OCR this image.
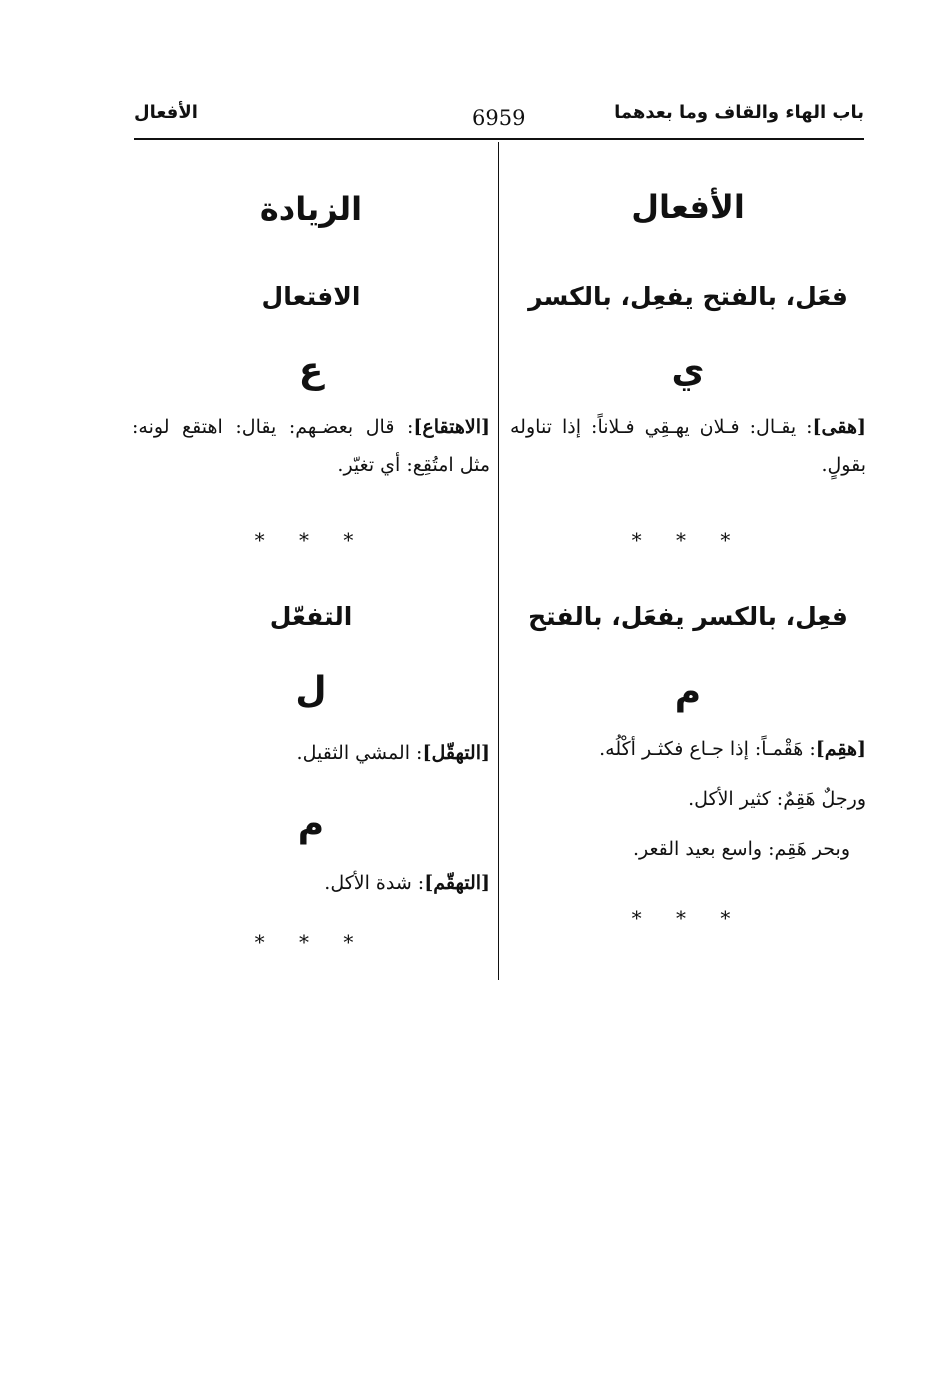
باب الهاء والقاف وما بعدهما
6959
الأفعال

الأفعال

فعَل، بالفتح يفعِل، بالكسر

ي

[هقى]: يقـال: فـلان يهـقِي فـلاناً: إذا تناوله بقولٍ.

* * *

فعِل، بالكسر يفعَل، بالفتح

م

[هقِم]: هَقْمـاً: إذا جـاع فكثـر أكْلُه.

ورجلٌ هَقِمٌ: كثير الأكل.

وبحر هَقِم: واسع بعيد القعر.

* * *

الزيادة

الافتعال

ع

[الاهتقاع]: قال بعضـهم: يقال: اهتقع لونه: مثل امتُقِع: أي تغيّر.

* * *

التفعّل

ل

[التهقّل]: المشي الثقيل.

م

[التهقّم]: شدة الأكل.

* * *
